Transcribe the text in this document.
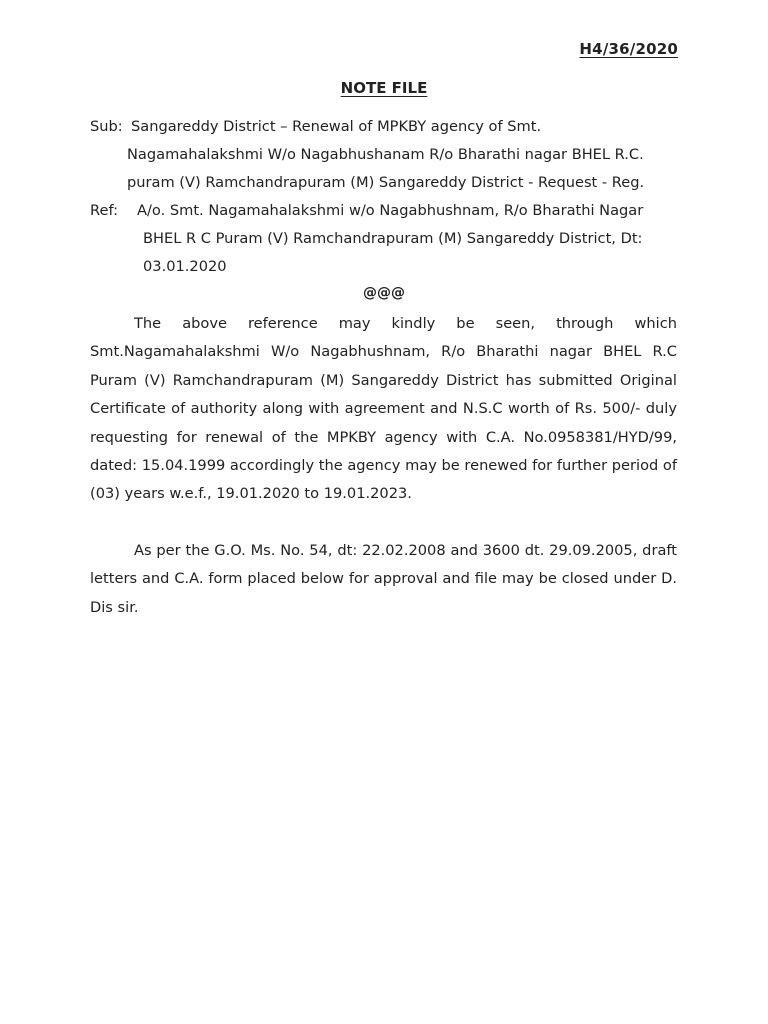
H4/36/2020
NOTE FILE
Sub: Sangareddy District – Renewal of MPKBY agency of Smt.
Nagamahalakshmi W/o Nagabhushanam R/o Bharathi nagar BHEL R.C.
puram (V) Ramchandrapuram (M) Sangareddy District - Request - Reg.
Ref: A/o. Smt. Nagamahalakshmi w/o Nagabhushnam, R/o Bharathi Nagar
BHEL R C Puram (V) Ramchandrapuram (M) Sangareddy District, Dt:
03.01.2020
@@@

The above reference may kindly be seen, through which Smt.Nagamahalakshmi W/o Nagabhushnam, R/o Bharathi nagar BHEL R.C Puram (V) Ramchandrapuram (M) Sangareddy District has submitted Original Certificate of authority along with agreement and N.S.C worth of Rs. 500/- duly requesting for renewal of the MPKBY agency with C.A. No.0958381/HYD/99, dated: 15.04.1999 accordingly the agency may be renewed for further period of (03) years w.e.f., 19.01.2020 to 19.01.2023.

As per the G.O. Ms. No. 54, dt: 22.02.2008 and 3600 dt. 29.09.2005, draft letters and C.A. form placed below for approval and file may be closed under D. Dis sir.
